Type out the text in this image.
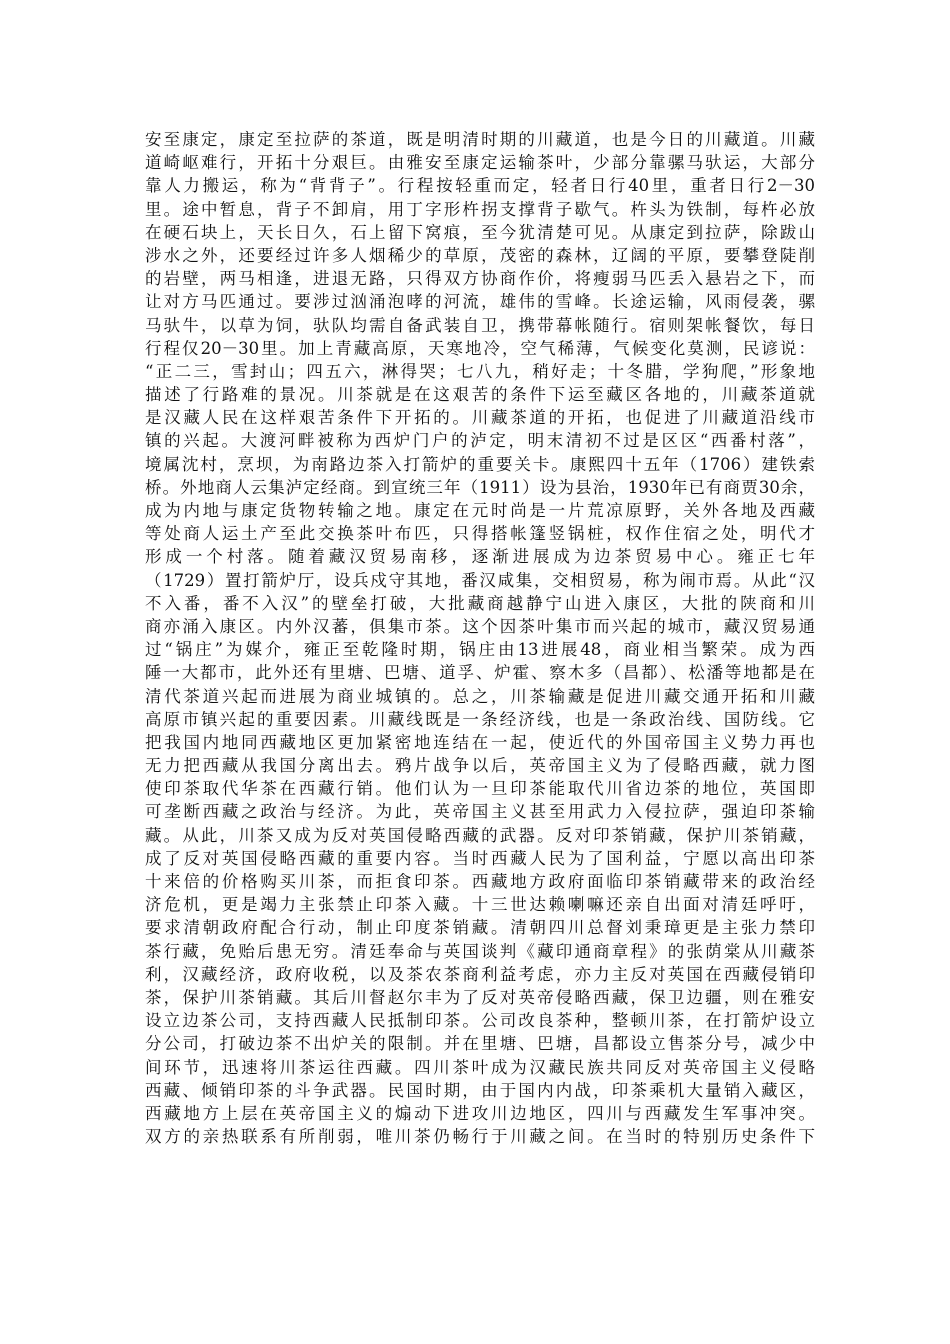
安至康定，康定至拉萨的茶道，既是明清时期的川藏道，也是今日的川藏道。川藏
道崎岖难行，开拓十分艰巨。由雅安至康定运输茶叶，少部分靠骡马驮运，大部分
靠人力搬运，称为“背背子”。行程按轻重而定，轻者日行40里，重者日行2－30
里。途中暂息，背子不卸肩，用丁字形杵拐支撑背子歇气。杵头为铁制，每杵必放
在硬石块上，天长日久，石上留下窝痕，至今犹清楚可见。从康定到拉萨，除跋山
涉水之外，还要经过许多人烟稀少的草原，茂密的森林，辽阔的平原，要攀登陡削
的岩壁，两马相逢，进退无路，只得双方协商作价，将瘦弱马匹丢入悬岩之下，而
让对方马匹通过。要涉过汹涌泡哮的河流，雄伟的雪峰。长途运输，风雨侵袭，骡
马驮牛，以草为饲，驮队均需自备武装自卫，携带幕帐随行。宿则架帐餐饮，每日
行程仅20－30里。加上青藏高原，天寒地冷，空气稀薄，气候变化莫测，民谚说：
“正二三，雪封山；四五六，淋得哭；七八九，稍好走；十冬腊，学狗爬，”形象地
描述了行路难的景况。川茶就是在这艰苦的条件下运至藏区各地的，川藏茶道就
是汉藏人民在这样艰苦条件下开拓的。川藏茶道的开拓，也促进了川藏道沿线市
镇的兴起。大渡河畔被称为西炉门户的泸定，明末清初不过是区区“西番村落”，
境属沈村，烹坝，为南路边茶入打箭炉的重要关卡。康熙四十五年（1706）建铁索
桥。外地商人云集泸定经商。到宣统三年（1911）设为县治，1930年已有商贾30余，
成为内地与康定货物转输之地。康定在元时尚是一片荒凉原野，关外各地及西藏
等处商人运土产至此交换茶叶布匹，只得搭帐篷竖锅桩，权作住宿之处，明代才
形成一个村落。随着藏汉贸易南移，逐渐进展成为边茶贸易中心。雍正七年
（1729）置打箭炉厅，设兵戍守其地，番汉咸集，交相贸易，称为闹市焉。从此“汉
不入番，番不入汉”的壁垒打破，大批藏商越静宁山进入康区，大批的陕商和川
商亦涌入康区。内外汉蕃，俱集市茶。这个因茶叶集市而兴起的城市，藏汉贸易通
过“锅庄”为媒介，雍正至乾隆时期，锅庄由13进展48，商业相当繁荣。成为西
陲一大都市，此外还有里塘、巴塘、道孚、炉霍、察木多（昌都）、松潘等地都是在
清代茶道兴起而进展为商业城镇的。总之，川茶输藏是促进川藏交通开拓和川藏
高原市镇兴起的重要因素。川藏线既是一条经济线，也是一条政治线、国防线。它
把我国内地同西藏地区更加紧密地连结在一起，使近代的外国帝国主义势力再也
无力把西藏从我国分离出去。鸦片战争以后，英帝国主义为了侵略西藏，就力图
使印茶取代华茶在西藏行销。他们认为一旦印茶能取代川省边茶的地位，英国即
可垄断西藏之政治与经济。为此，英帝国主义甚至用武力入侵拉萨，强迫印茶输
藏。从此，川茶又成为反对英国侵略西藏的武器。反对印茶销藏，保护川茶销藏，
成了反对英国侵略西藏的重要内容。当时西藏人民为了国利益，宁愿以高出印茶
十来倍的价格购买川茶，而拒食印茶。西藏地方政府面临印茶销藏带来的政治经
济危机，更是竭力主张禁止印茶入藏。十三世达赖喇嘛还亲自出面对清廷呼吁，
要求清朝政府配合行动，制止印度茶销藏。清朝四川总督刘秉璋更是主张力禁印
茶行藏，免贻后患无穷。清廷奉命与英国谈判《藏印通商章程》的张荫棠从川藏茶
利，汉藏经济，政府收税，以及茶农茶商利益考虑，亦力主反对英国在西藏侵销印
茶，保护川茶销藏。其后川督赵尔丰为了反对英帝侵略西藏，保卫边疆，则在雅安
设立边茶公司，支持西藏人民抵制印茶。公司改良茶种，整顿川茶，在打箭炉设立
分公司，打破边茶不出炉关的限制。并在里塘、巴塘，昌都设立售茶分号，减少中
间环节，迅速将川茶运往西藏。四川茶叶成为汉藏民族共同反对英帝国主义侵略
西藏、倾销印茶的斗争武器。民国时期，由于国内内战，印茶乘机大量销入藏区，
西藏地方上层在英帝国主义的煽动下进攻川边地区，四川与西藏发生军事冲突。
双方的亲热联系有所削弱，唯川茶仍畅行于川藏之间。在当时的特别历史条件下
